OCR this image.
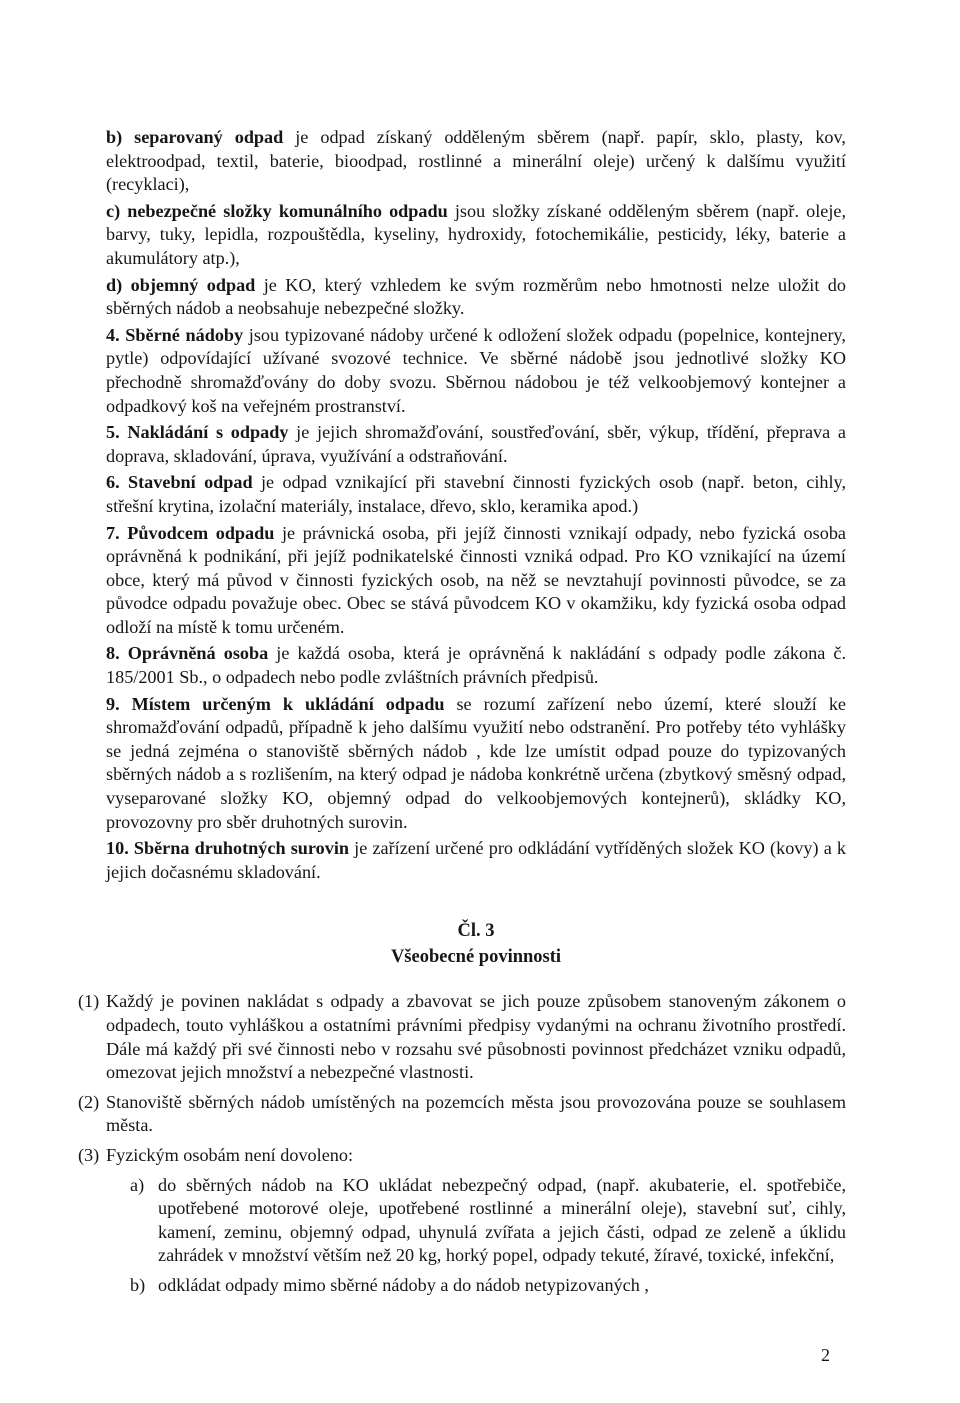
b) separovaný odpad je odpad získaný odděleným sběrem (např. papír, sklo, plasty, kov, elektroodpad, textil, baterie, bioodpad, rostlinné a minerální oleje) určený k dalšímu využití (recyklaci),

c) nebezpečné složky komunálního odpadu jsou složky získané odděleným sběrem (např. oleje, barvy, tuky, lepidla, rozpouštědla, kyseliny, hydroxidy, fotochemikálie, pesticidy, léky, baterie a akumulátory atp.),

d) objemný odpad je KO, který vzhledem ke svým rozměrům nebo hmotnosti nelze uložit do sběrných nádob a neobsahuje nebezpečné složky.

4. Sběrné nádoby jsou typizované nádoby určené k odložení složek odpadu (popelnice, kontejnery, pytle) odpovídající užívané svozové technice. Ve sběrné nádobě jsou jednotlivé složky KO přechodně shromažďovány do doby svozu. Sběrnou nádobou je též velkoobjemový kontejner a odpadkový koš na veřejném prostranství.

5. Nakládání s odpady je jejich shromažďování, soustřeďování, sběr, výkup, třídění, přeprava a doprava, skladování, úprava, využívání a odstraňování.

6. Stavební odpad je odpad vznikající při stavební činnosti fyzických osob (např. beton, cihly, střešní krytina, izolační materiály, instalace, dřevo, sklo, keramika apod.)

7. Původcem odpadu je právnická osoba, při jejíž činnosti vznikají odpady, nebo fyzická osoba oprávněná k podnikání, při jejíž podnikatelské činnosti vzniká odpad. Pro KO vznikající na území obce, který má původ v činnosti fyzických osob, na něž se nevztahují povinnosti původce, se za původce odpadu považuje obec. Obec se stává původcem KO v okamžiku, kdy fyzická osoba odpad odloží na místě k tomu určeném.

8. Oprávněná osoba je každá osoba, která je oprávněná k nakládání s odpady podle zákona č. 185/2001 Sb., o odpadech nebo podle zvláštních právních předpisů.

9. Místem určeným k ukládání odpadu se rozumí zařízení nebo území, které slouží ke shromažďování odpadů, případně k jeho dalšímu využití nebo odstranění. Pro potřeby této vyhlášky se jedná zejména o stanoviště sběrných nádob , kde lze umístit odpad pouze do typizovaných sběrných nádob a s rozlišením, na který odpad je nádoba konkrétně určena (zbytkový směsný odpad, vyseparované složky KO, objemný odpad do velkoobjemových kontejnerů), skládky KO, provozovny pro sběr druhotných surovin.

10. Sběrna druhotných surovin je zařízení určené pro odkládání vytříděných složek KO (kovy) a k jejich dočasnému skladování.

Čl. 3

Všeobecné povinnosti

(1) Každý je povinen nakládat s odpady a zbavovat se jich pouze způsobem stanoveným zákonem o odpadech, touto vyhláškou a ostatními právními předpisy vydanými na ochranu životního prostředí. Dále má každý při své činnosti nebo v rozsahu své působnosti povinnost předcházet vzniku odpadů, omezovat jejich množství a nebezpečné vlastnosti.
(2) Stanoviště sběrných nádob umístěných na pozemcích města jsou provozována pouze se souhlasem města.
(3) Fyzickým osobám není dovoleno:
a) do sběrných nádob na KO ukládat nebezpečný odpad, (např. akubaterie, el. spotřebiče, upotřebené motorové oleje, upotřebené rostlinné a minerální oleje), stavební suť, cihly, kamení, zeminu, objemný odpad, uhynulá zvířata a jejich části, odpad ze zeleně a úklidu zahrádek v množství větším než 20 kg, horký popel, odpady tekuté, žíravé, toxické, infekční,
b) odkládat odpady mimo sběrné nádoby a do nádob netypizovaných ,
2
